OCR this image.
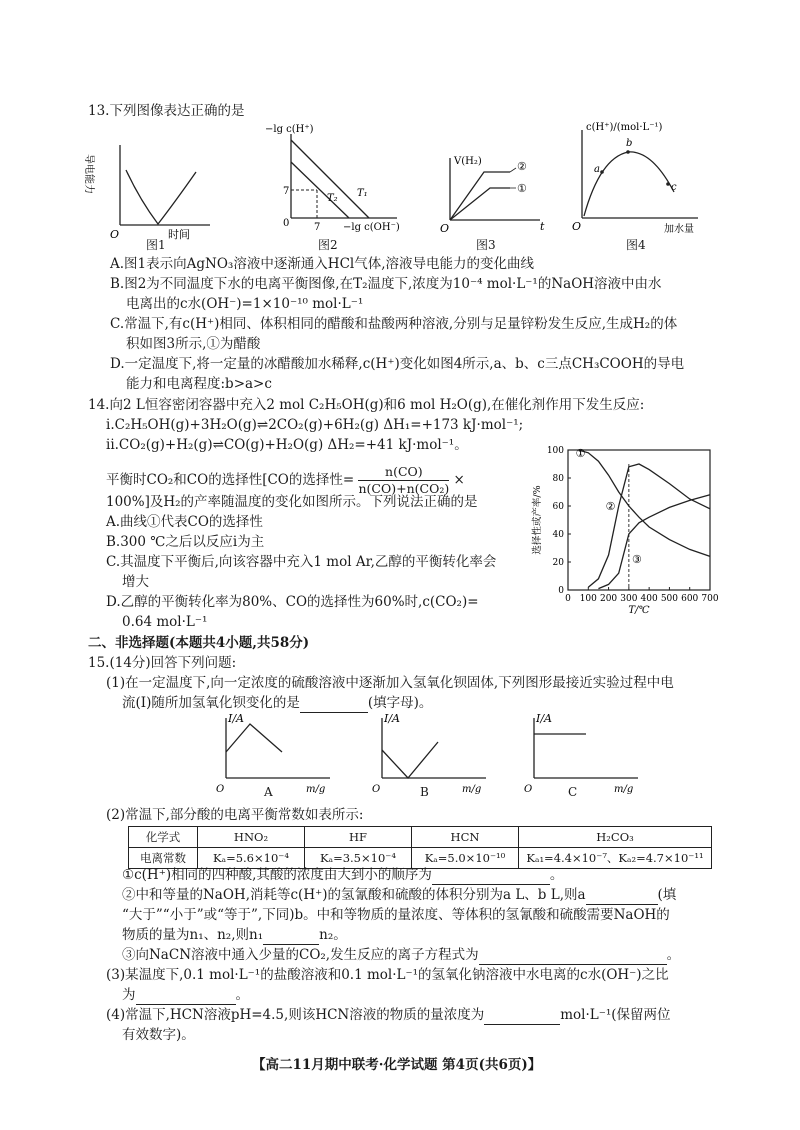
13.下列图像表达正确的是
导电能力
O	时间
图1
−lg c(H⁺)
7
7
0
T₂ T₁
−lg c(OH⁻)
图2
V(H₂)	②
①
O	t
图3
c(H⁺)/(mol·L⁻¹)
a
b
c
O	加水量
图4
A.图1表示向AgNO₃溶液中逐渐通入HCl气体,溶液导电能力的变化曲线
B.图2为不同温度下水的电离平衡图像,在T₂温度下,浓度为10⁻⁴ mol·L⁻¹的NaOH溶液中由水
电离出的c水(OH⁻)=1×10⁻¹⁰ mol·L⁻¹
C.常温下,有c(H⁺)相同、体积相同的醋酸和盐酸两种溶液,分别与足量锌粉发生反应,生成H₂的体
积如图3所示,①为醋酸
D.一定温度下,将一定量的冰醋酸加水稀释,c(H⁺)变化如图4所示,a、b、c三点CH₃COOH的导电
能力和电离程度:b>a>c
14.向2 L恒容密闭容器中充入2 mol C₂H₅OH(g)和6 mol H₂O(g),在催化剂作用下发生反应:
i.C₂H₅OH(g)+3H₂O(g)⇌2CO₂(g)+6H₂(g) ΔH₁=+173 kJ·mol⁻¹;
ii.CO₂(g)+H₂(g)⇌CO(g)+H₂O(g) ΔH₂=+41 kJ·mol⁻¹。
平衡时CO₂和CO的选择性[CO的选择性= $\frac{n(CO)}{\text{n(CO)+n(CO₂)}}$ ×
100%]及H₂的产率随温度的变化如图所示。下列说法正确的是
A.曲线①代表CO的选择性
B.300 ℃之后以反应i为主
C.其温度下平衡后,向该容器中充入1 mol Ar,乙醇的平衡转化率会
增大
D.乙醇的平衡转化率为80%、CO的选择性为60%时,c(CO₂)=
0.64 mol·L⁻¹
0
20
40
60
80
100
0 100 200 300 400 500 600 700
①
②
③
T/℃
选择性或产率/%
二、非选择题(本题共4小题,共58分)
15.(14分)回答下列问题:
(1)在一定温度下,向一定浓度的硫酸溶液中逐渐加入氢氧化钡固体,下列图形最接近实验过程中电
流(I)随所加氢氧化钡变化的是	(填字母)。
I/A
O	m/g
A
I/A
O	m/g
B
I/A
O	m/g
C
(2)常温下,部分酸的电离平衡常数如表所示:
化学式	HNO₂	HF	HCN	H₂CO₃
电离常数	Kₐ=5.6×10⁻⁴	Kₐ=3.5×10⁻⁴	Kₐ=5.0×10⁻¹⁰	Kₐ₁=4.4×10⁻⁷、Kₐ₂=4.7×10⁻¹¹
①c(H⁺)相同的四种酸,其酸的浓度由大到小的顺序为	。
②中和等量的NaOH,消耗等c(H⁺)的氢氰酸和硫酸的体积分别为a L、b L,则a	(填
“大于”“小于”或“等于”,下同)b。中和等物质的量浓度、等体积的氢氰酸和硫酸需要NaOH的
物质的量为n₁、n₂,则n₁	n₂。
③向NaCN溶液中通入少量的CO₂,发生反应的离子方程式为	。
(3)某温度下,0.1 mol·L⁻¹的盐酸溶液和0.1 mol·L⁻¹的氢氧化钠溶液中水电离的c水(OH⁻)之比
为	。
(4)常温下,HCN溶液pH=4.5,则该HCN溶液的物质的量浓度为	mol·L⁻¹(保留两位
有效数字)。
【高二11月期中联考·化学试题 第4页(共6页)】
